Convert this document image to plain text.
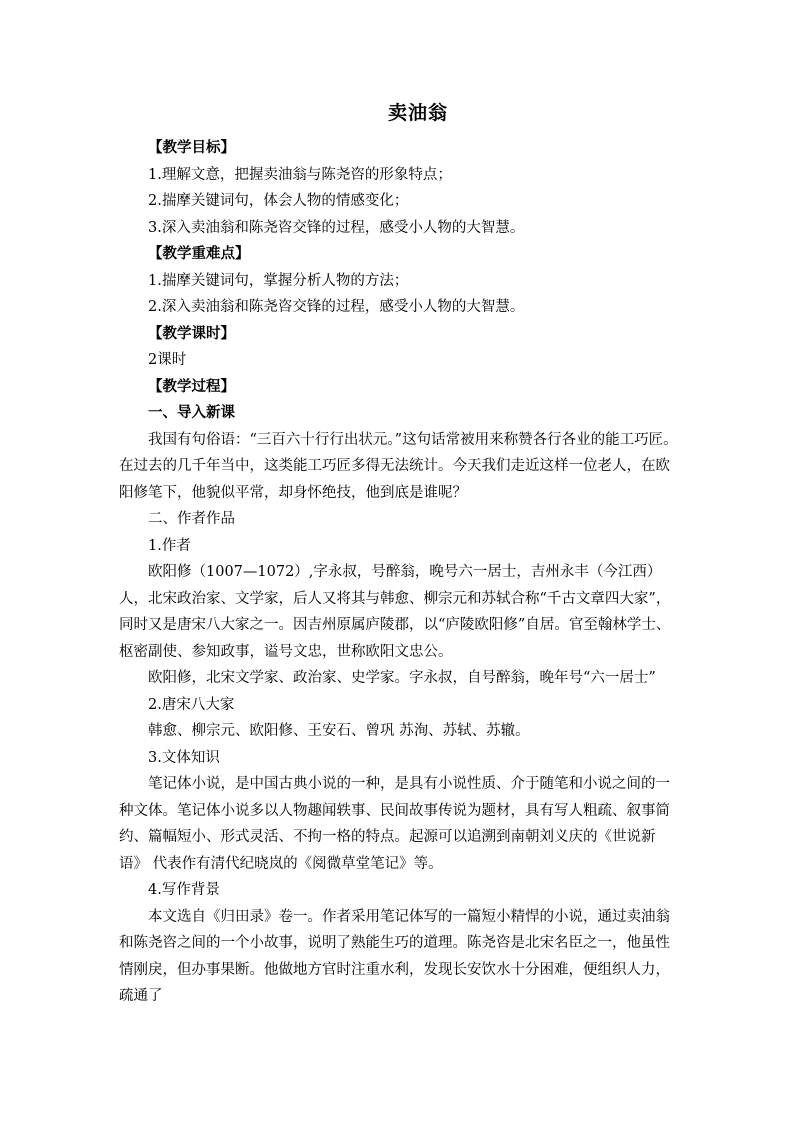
卖油翁

【教学目标】

1.理解文意，把握卖油翁与陈尧咨的形象特点；

2.揣摩关键词句，体会人物的情感变化；

3.深入卖油翁和陈尧咨交锋的过程，感受小人物的大智慧。

【教学重难点】

1.揣摩关键词句，掌握分析人物的方法；

2.深入卖油翁和陈尧咨交锋的过程，感受小人物的大智慧。

【教学课时】

2课时

【教学过程】

一、导入新课

我国有句俗语：“三百六十行行出状元。”这句话常被用来称赞各行各业的能工巧匠。在过去的几千年当中，这类能工巧匠多得无法统计。今天我们走近这样一位老人，在欧阳修笔下，他貌似平常，却身怀绝技，他到底是谁呢？

二、作者作品

1.作者

欧阳修（1007—1072）,字永叔，号醉翁，晚号六一居士，吉州永丰（今江西）人，北宋政治家、文学家，后人又将其与韩愈、柳宗元和苏轼合称“千古文章四大家”，同时又是唐宋八大家之一。因吉州原属庐陵郡，以“庐陵欧阳修”自居。官至翰林学士、枢密副使、参知政事，谥号文忠，世称欧阳文忠公。

欧阳修，北宋文学家、政治家、史学家。字永叔，自号醉翁，晚年号“六一居士”

2.唐宋八大家

韩愈、柳宗元、欧阳修、王安石、曾巩 苏洵、苏轼、苏辙。

3.文体知识

笔记体小说，是中国古典小说的一种，是具有小说性质、介于随笔和小说之间的一种文体。笔记体小说多以人物趣闻轶事、民间故事传说为题材，具有写人粗疏、叙事简约、篇幅短小、形式灵活、不拘一格的特点。起源可以追溯到南朝刘义庆的《世说新语》 代表作有清代纪晓岚的《阅微草堂笔记》等。

4.写作背景

本文选自《归田录》卷一。作者采用笔记体写的一篇短小精悍的小说，通过卖油翁和陈尧咨之间的一个小故事，说明了熟能生巧的道理。陈尧咨是北宋名臣之一，他虽性情刚戾，但办事果断。他做地方官时注重水利，发现长安饮水十分困难，便组织人力，疏通了
